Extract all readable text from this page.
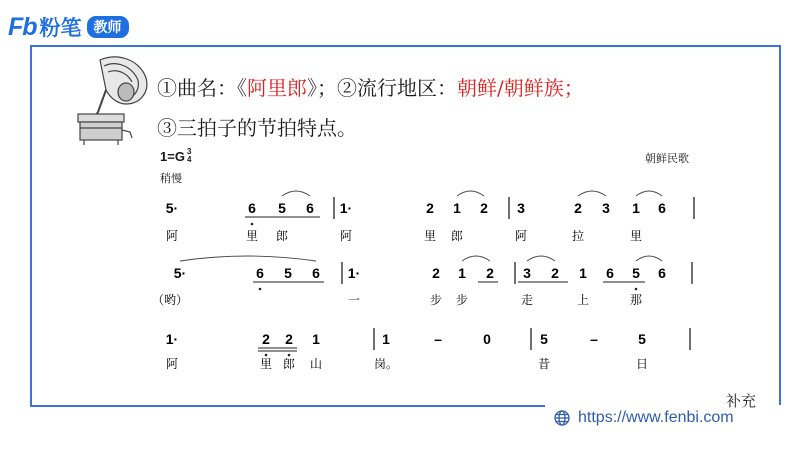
Fb 粉笔 教师
①曲名：《阿里郎》；②流行地区：朝鲜/朝鲜族；
③三拍子的节拍特点。
1=G 3
4
稍慢
朝鲜民歌
5·	6 5 6 1·	2 1 2 3	2 3 1 6
阿	里 郎	阿	里 郎	阿	拉	里
5·	6 5 6 1·	2 1 2 3 2 1 6 5 6
（哟）	一	步 步	走	上	那
1·	2 2 1	1	–	0	5	–	5
阿	里 郎 山	岗。	昔	日
https://www.fenbi.com
补充
